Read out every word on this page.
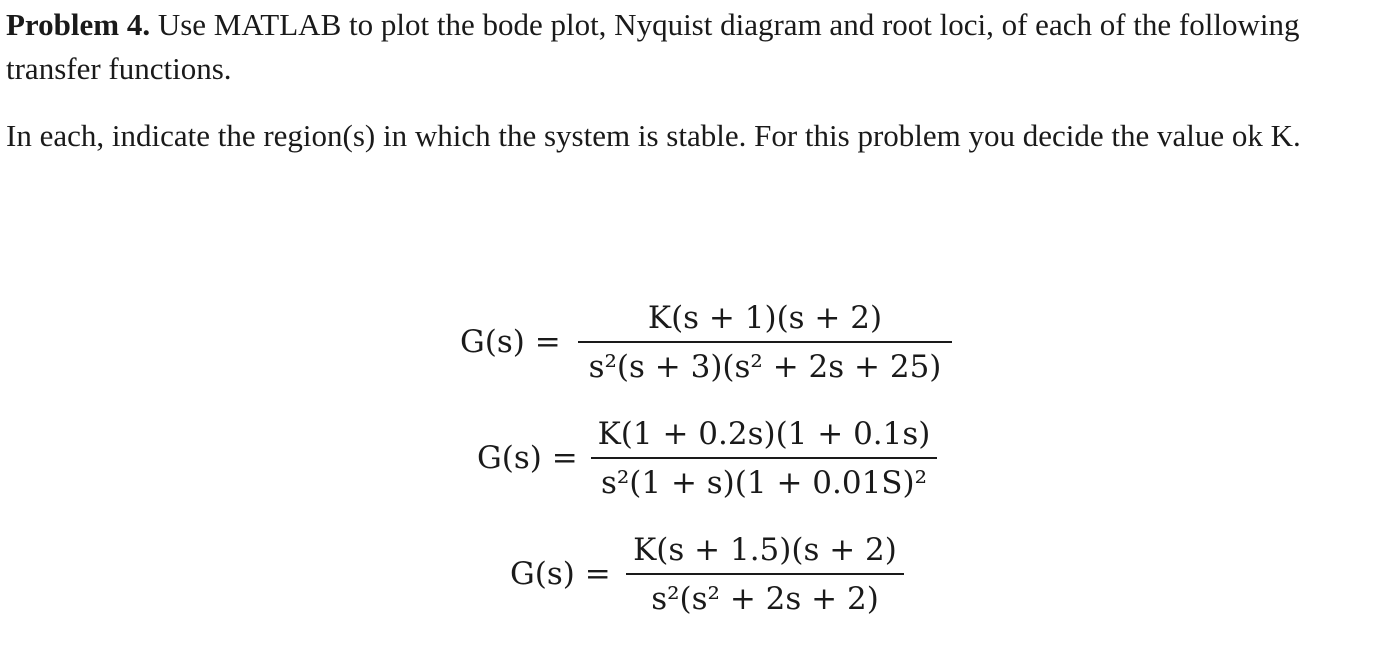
Problem 4. Use MATLAB to plot the bode plot, Nyquist diagram and root loci, of each of the following transfer functions.

In each, indicate the region(s) in which the system is stable. For this problem you decide the value ok K.

G(s) =
K(s + 1)(s + 2)
s²(s + 3)(s² + 2s + 25)
G(s) =
K(1 + 0.2s)(1 + 0.1s)
s²(1 + s)(1 + 0.01S)²
G(s) =
K(s + 1.5)(s + 2)
s²(s² + 2s + 2)
